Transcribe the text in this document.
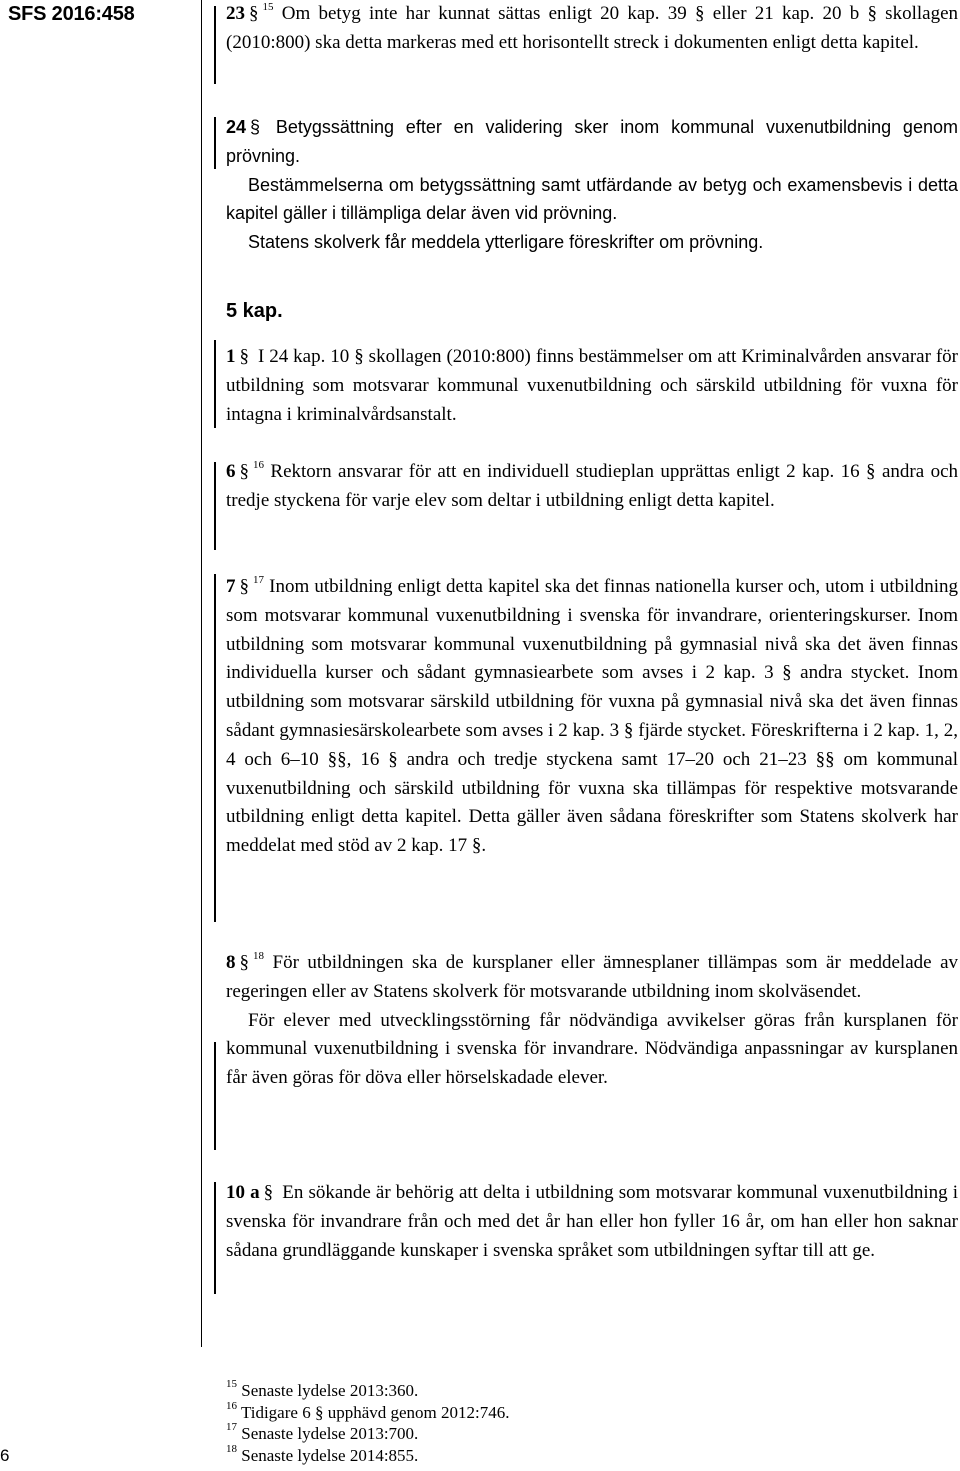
SFS 2016:458	23 § $^{15}$ Om betyg inte har kunnat sättas enligt 20 kap. 39 § eller 21 kap. 20 b § skollagen (2010:800) ska detta markeras med ett horisontellt streck i dokumenten enligt detta kapitel.

24 § Betygssättning efter en validering sker inom kommunal vuxenutbildning genom prövning.

Bestämmelserna om betygssättning samt utfärdande av betyg och examensbevis i detta kapitel gäller i tillämpliga delar även vid prövning.

Statens skolverk får meddela ytterligare föreskrifter om prövning.

5 kap.

1 § I 24 kap. 10 § skollagen (2010:800) finns bestämmelser om att Kriminalvården ansvarar för utbildning som motsvarar kommunal vuxenutbildning och särskild utbildning för vuxna för intagna i kriminalvårdsanstalt.

6 § $^{16}$ Rektorn ansvarar för att en individuell studieplan upprättas enligt 2 kap. 16 § andra och tredje styckena för varje elev som deltar i utbildning enligt detta kapitel.

7 § $^{17}$ Inom utbildning enligt detta kapitel ska det finnas nationella kurser och, utom i utbildning som motsvarar kommunal vuxenutbildning i svenska för invandrare, orienteringskurser. Inom utbildning som motsvarar kommunal vuxenutbildning på gymnasial nivå ska det även finnas individuella kurser och sådant gymnasiearbete som avses i 2 kap. 3 § andra stycket. Inom utbildning som motsvarar särskild utbildning för vuxna på gymnasial nivå ska det även finnas sådant gymnasiesärskolearbete som avses i 2 kap. 3 § fjärde stycket. Föreskrifterna i 2 kap. 1, 2, 4 och 6–10 §§, 16 § andra och tredje styckena samt 17–20 och 21–23 §§ om kommunal vuxenutbildning och särskild utbildning för vuxna ska tillämpas för respektive motsvarande utbildning enligt detta kapitel. Detta gäller även sådana föreskrifter som Statens skolverk har meddelat med stöd av 2 kap. 17 §.

8 § $^{18}$ För utbildningen ska de kursplaner eller ämnesplaner tillämpas som är meddelade av regeringen eller av Statens skolverk för motsvarande utbildning inom skolväsendet.

För elever med utvecklingsstörning får nödvändiga avvikelser göras från kursplanen för kommunal vuxenutbildning i svenska för invandrare. Nödvändiga anpassningar av kursplanen får även göras för döva eller hörselskadade elever.

10 a § En sökande är behörig att delta i utbildning som motsvarar kommunal vuxenutbildning i svenska för invandrare från och med det år han eller hon fyller 16 år, om han eller hon saknar sådana grundläggande kunskaper i svenska språket som utbildningen syftar till att ge.

$^{15}$ Senaste lydelse 2013:360.
$^{16}$ Tidigare 6 § upphävd genom 2012:746.
$^{17}$ Senaste lydelse 2013:700.
$^{18}$ Senaste lydelse 2014:855.
6
